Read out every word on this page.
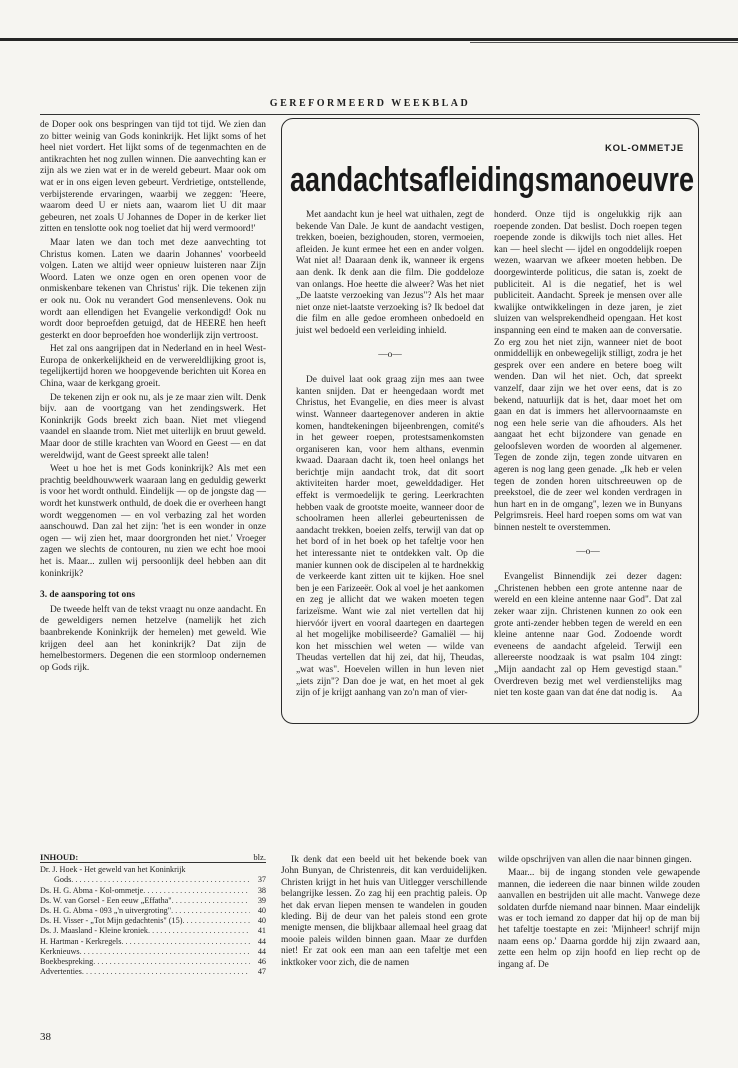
GEREFORMEERD WEEKBLAD

de Doper ook ons bespringen van tijd tot tijd. We zien dan zo bitter weinig van Gods koninkrijk. Het lijkt soms of het heel niet vordert. Het lijkt soms of de tegenmachten en de antikrachten het nog zullen winnen. Die aanvechting kan er zijn als we zien wat er in de wereld gebeurt. Maar ook om wat er in ons eigen leven gebeurt. Verdrietige, ontstellende, verbijsterende ervaringen, waarbij we zeggen: 'Heere, waarom deed U er niets aan, waarom liet U dit maar gebeuren, net zoals U Johannes de Doper in de kerker liet zitten en tenslotte ook nog toeliet dat hij werd vermoord!'

Maar laten we dan toch met deze aanvechting tot Christus komen. Laten we daarin Johannes' voorbeeld volgen. Laten we altijd weer opnieuw luisteren naar Zijn Woord. Laten we onze ogen en oren openen voor de onmiskenbare tekenen van Christus' rijk. Die tekenen zijn er ook nu. Ook nu verandert God mensenlevens. Ook nu wordt aan ellendigen het Evangelie verkondigd! Ook nu wordt door beproefden getuigd, dat de HEERE hen heeft gesterkt en door beproefden hoe wonderlijk zijn vertroost.

Het zal ons aangrijpen dat in Nederland en in heel West-Europa de onkerkelijkheid en de verwereldlijking groot is, tegelijkertijd horen we hoopgevende berichten uit Korea en China, waar de kerkgang groeit.

De tekenen zijn er ook nu, als je ze maar zien wilt. Denk bijv. aan de voortgang van het zendingswerk. Het Koninkrijk Gods breekt zich baan. Niet met vliegend vaandel en slaande trom. Niet met uiterlijk en bruut geweld. Maar door de stille krachten van Woord en Geest — en dat wereldwijd, want de Geest spreekt alle talen!

Weet u hoe het is met Gods koninkrijk? Als met een prachtig beeldhouwwerk waaraan lang en geduldig gewerkt is voor het wordt onthuld. Eindelijk — op de jongste dag — wordt het kunstwerk onthuld, de doek die er overheen hangt wordt weggenomen — en vol verbazing zal het worden aanschouwd. Dan zal het zijn: 'het is een wonder in onze ogen — wij zien het, maar doorgronden het niet.' Vroeger zagen we slechts de contouren, nu zien we echt hoe mooi het is. Maar... zullen wij persoonlijk deel hebben aan dit koninkrijk?

3. de aansporing tot ons

De tweede helft van de tekst vraagt nu onze aandacht. En de geweldigers nemen hetzelve (namelijk het zich baanbrekende Koninkrijk der hemelen) met geweld. Wie krijgen deel aan het koninkrijk? Dat zijn de hemelbestormers. Degenen die een stormloop ondernemen op Gods rijk.

KOL-OMMETJE
aandachtsafleidingsmanoeuvre

Met aandacht kun je heel wat uithalen, zegt de bekende Van Dale. Je kunt de aandacht vestigen, trekken, boeien, bezighouden, storen, vermoeien, afleiden. Je kunt ermee het een en ander volgen. Wat niet al! Daaraan denk ik, wanneer ik ergens aan denk. Ik denk aan die film. Die goddeloze van onlangs. Hoe heette die alweer? Was het niet „De laatste verzoeking van Jezus"? Als het maar niet onze niet-laatste verzoeking is? Ik bedoel dat die film en alle gedoe eromheen onbedoeld en juist wel bedoeld een verleiding inhield.

—o—

De duivel laat ook graag zijn mes aan twee kanten snijden. Dat er heengedaan wordt met Christus, het Evangelie, en dies meer is alvast winst. Wanneer daartegenover anderen in aktie komen, handtekeningen bijeenbrengen, comité's in het geweer roepen, protestsamenkomsten organiseren kan, voor hem althans, evenmin kwaad. Daaraan dacht ik, toen heel onlangs het berichtje mijn aandacht trok, dat dit soort aktiviteiten harder moet, gewelddadiger. Het effekt is vermoedelijk te gering. Leerkrachten hebben vaak de grootste moeite, wanneer door de schoolramen heen allerlei gebeurtenissen de aandacht trekken, boeien zelfs, terwijl van dat op het bord of in het boek op het tafeltje voor hen het interessante niet te ontdekken valt. Op die manier kunnen ook de discipelen al te hardnekkig de verkeerde kant zitten uit te kijken. Hoe snel ben je een Farizeeër. Ook al voel je het aankomen en zeg je allicht dat we waken moeten tegen farizeïsme. Want wie zal niet vertellen dat hij hiervóór ijvert en vooral daartegen en daartegen al het mogelijke mobiliseerde? Gamaliël — hij kon het misschien wel weten — wilde van Theudas vertellen dat hij zei, dat hij, Theudas, „wat was". Hoevelen willen in hun leven niet „iets zijn"? Dan doe je wat, en het moet al gek zijn of je krijgt aanhang van zo'n man of vier-

honderd. Onze tijd is ongelukkig rijk aan roepende zonden. Dat beslist. Doch roepen tegen roepende zonde is dikwijls toch niet alles. Het kan — heel slecht — ijdel en ongoddelijk roepen wezen, waarvan we afkeer moeten hebben. De doorgewinterde politicus, die satan is, zoekt de publiciteit. Al is die negatief, het is wel publiciteit. Aandacht. Spreek je mensen over alle kwalijke ontwikkelingen in deze jaren, je ziet sluizen van welsprekendheid opengaan. Het kost inspanning een eind te maken aan de conversatie. Zo erg zou het niet zijn, wanneer niet de boot onmiddellijk en onbewegelijk stilligt, zodra je het gesprek over een andere en betere boeg wilt wenden. Dan wil het niet. Och, dat spreekt vanzelf, daar zijn we het over eens, dat is zo bekend, natuurlijk dat is het, daar moet het om gaan en dat is immers het allervoornaamste en nog een hele serie van die afhouders. Als het aangaat het echt bijzondere van genade en geloofsleven worden de woorden al algemener. Tegen de zonde zijn, tegen zonde uitvaren en ageren is nog lang geen genade. „Ik heb er velen tegen de zonden horen uitschreeuwen op de preekstoel, die de zeer wel konden verdragen in hun hart en in de omgang", lezen we in Bunyans Pelgrimsreis. Heel hard roepen soms om wat van binnen nestelt te overstemmen.

—o—

Evangelist Binnendijk zei dezer dagen: „Christenen hebben een grote antenne naar de wereld en een kleine antenne naar God". Dat zal zeker waar zijn. Christenen kunnen zo ook een grote anti-zender hebben tegen de wereld en een kleine antenne naar God. Zodoende wordt eveneens de aandacht afgeleid. Terwijl een allereerste noodzaak is wat psalm 104 zingt: „Mijn aandacht zal op Hem gevestigd staan." Overdreven bezig met wel verdienstelijks mag niet ten koste gaan van dat éne dat nodig is.	Aa

INHOUD:	blz.
Dr. J. Hoek - Het geweld van het Koninkrijk
Gods . . .	37
Ds. H. G. Abma - Kol-ommetje . . .	38
Ds. W. van Gorsel - Een eeuw „Effatha" . . .	39
Ds. H. G. Abma - 093 „'n uitvergroting" . . .	40
Ds. H. Visser - „Tot Mijn gedachtenis" (15) . . .	40
Ds. J. Maasland - Kleine kroniek . . .	41
H. Hartman - Kerkregels . . .	44
Kerknieuws . . .	44
Boekbespreking . . .	46
Advertenties . . .	47
38

Ik denk dat een beeld uit het bekende boek van John Bunyan, de Christenreis, dit kan verduidelijken. Christen krijgt in het huis van Uitlegger verschillende belangrijke lessen. Zo zag hij een prachtig paleis. Op het dak ervan liepen mensen te wandelen in gouden kleding. Bij de deur van het paleis stond een grote menigte mensen, die blijkbaar allemaal heel graag dat mooie paleis wilden binnen gaan. Maar ze durfden niet! Er zat ook een man aan een tafeltje met een inktkoker voor zich, die de namen

wilde opschrijven van allen die naar binnen gingen.

Maar... bij de ingang stonden vele gewapende mannen, die iedereen die naar binnen wilde zouden aanvallen en bestrijden uit alle macht. Vanwege deze soldaten durfde niemand naar binnen. Maar eindelijk was er toch iemand zo dapper dat hij op de man bij het tafeltje toestapte en zei: 'Mijnheer! schrijf mijn naam eens op.' Daarna gordde hij zijn zwaard aan, zette een helm op zijn hoofd en liep recht op de ingang af. De
